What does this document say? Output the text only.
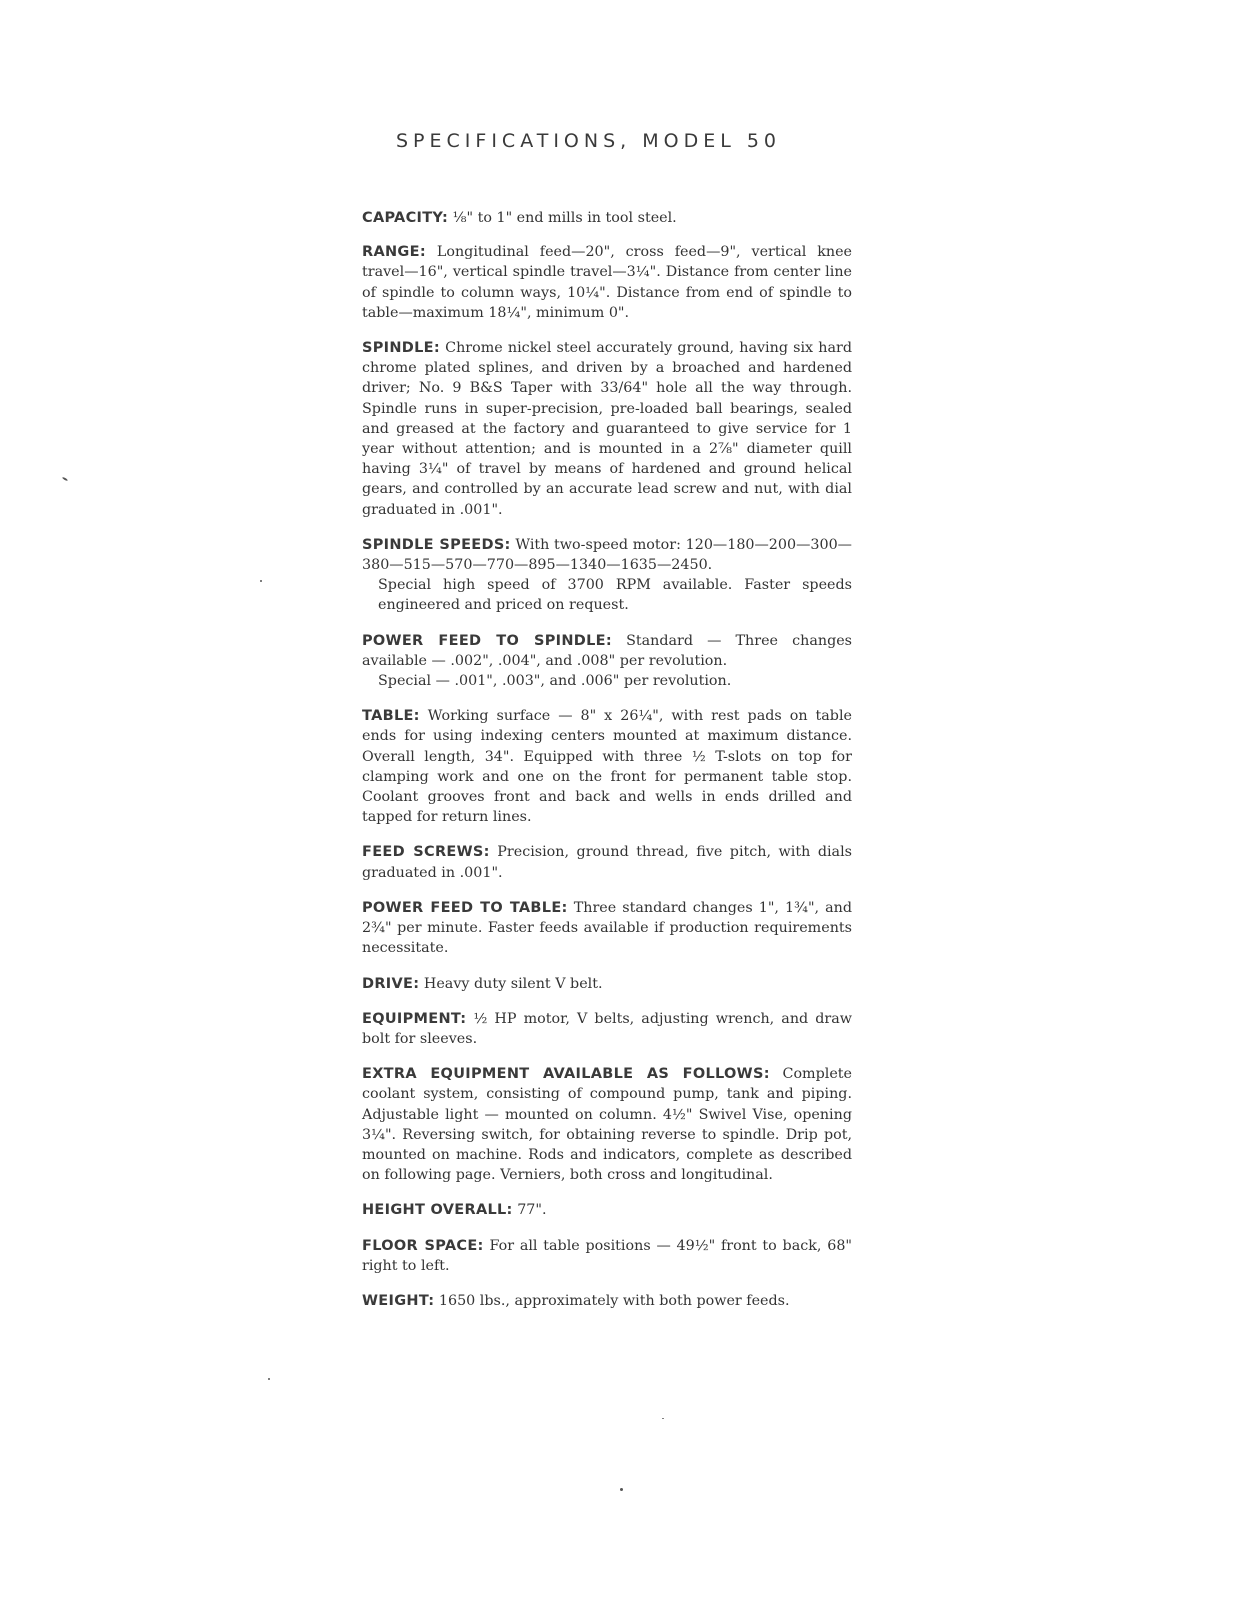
SPECIFICATIONS, MODEL 50

CAPACITY: ⅛" to 1" end mills in tool steel.

RANGE: Longitudinal feed—20", cross feed—9", vertical knee travel—16", vertical spindle travel—3¼". Distance from center line of spindle to column ways, 10¼". Distance from end of spindle to table—maximum 18¼", minimum 0".

SPINDLE: Chrome nickel steel accurately ground, having six hard chrome plated splines, and driven by a broached and hardened driver; No. 9 B&S Taper with 33/64" hole all the way through. Spindle runs in super-precision, pre-loaded ball bearings, sealed and greased at the factory and guaranteed to give service for 1 year without attention; and is mounted in a 2⅞" diameter quill having 3¼" of travel by means of hardened and ground helical gears, and controlled by an accurate lead screw and nut, with dial graduated in .001".

SPINDLE SPEEDS: With two-speed motor: 120—180—200—300—380—515—570—770—895—1340—1635—2450.
Special high speed of 3700 RPM available. Faster speeds engineered and priced on request.

POWER FEED TO SPINDLE: Standard — Three changes available — .002", .004", and .008" per revolution.
Special — .001", .003", and .006" per revolution.

TABLE: Working surface — 8" x 26¼", with rest pads on table ends for using indexing centers mounted at maximum distance. Overall length, 34". Equipped with three ½ T-slots on top for clamping work and one on the front for permanent table stop. Coolant grooves front and back and wells in ends drilled and tapped for return lines.

FEED SCREWS: Precision, ground thread, five pitch, with dials graduated in .001".

POWER FEED TO TABLE: Three standard changes 1", 1¾", and 2¾" per minute. Faster feeds available if production requirements necessitate.

DRIVE: Heavy duty silent V belt.

EQUIPMENT: ½ HP motor, V belts, adjusting wrench, and draw bolt for sleeves.

EXTRA EQUIPMENT AVAILABLE AS FOLLOWS: Complete coolant system, consisting of compound pump, tank and piping. Adjustable light — mounted on column. 4½" Swivel Vise, opening 3¼". Reversing switch, for obtaining reverse to spindle. Drip pot, mounted on machine. Rods and indicators, complete as described on following page. Verniers, both cross and longitudinal.

HEIGHT OVERALL: 77".

FLOOR SPACE: For all table positions — 49½" front to back, 68" right to left.

WEIGHT: 1650 lbs., approximately with both power feeds.
